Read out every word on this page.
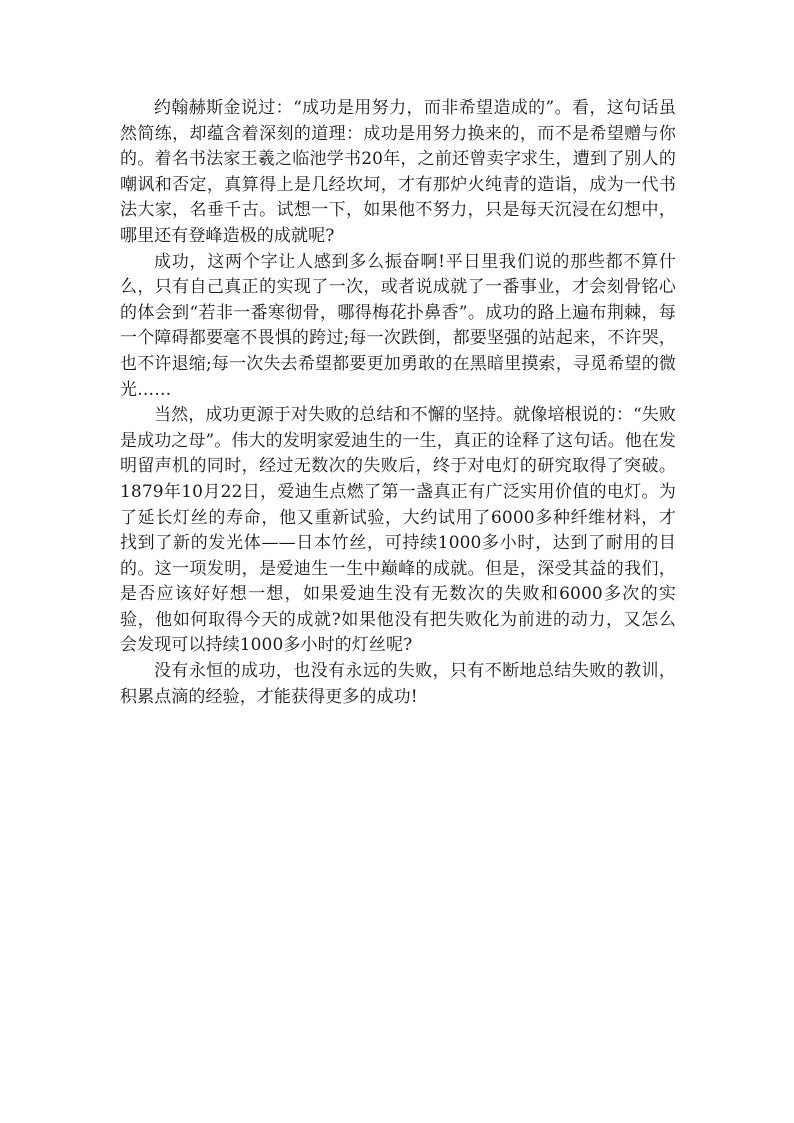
约翰赫斯金说过：“成功是用努力，而非希望造成的”。看，这句话虽然简练，却蕴含着深刻的道理：成功是用努力换来的，而不是希望赠与你的。着名书法家王羲之临池学书20年，之前还曾卖字求生，遭到了别人的嘲讽和否定，真算得上是几经坎坷，才有那炉火纯青的造诣，成为一代书法大家，名垂千古。试想一下，如果他不努力，只是每天沉浸在幻想中，哪里还有登峰造极的成就呢?

成功，这两个字让人感到多么振奋啊!平日里我们说的那些都不算什么，只有自己真正的实现了一次，或者说成就了一番事业，才会刻骨铭心的体会到“若非一番寒彻骨，哪得梅花扑鼻香”。成功的路上遍布荆棘，每一个障碍都要毫不畏惧的跨过;每一次跌倒，都要坚强的站起来，不许哭，也不许退缩;每一次失去希望都要更加勇敢的在黑暗里摸索，寻觅希望的微光……

当然，成功更源于对失败的总结和不懈的坚持。就像培根说的：“失败是成功之母”。伟大的发明家爱迪生的一生，真正的诠释了这句话。他在发明留声机的同时，经过无数次的失败后，终于对电灯的研究取得了突破。1879年10月22日，爱迪生点燃了第一盏真正有广泛实用价值的电灯。为了延长灯丝的寿命，他又重新试验，大约试用了6000多种纤维材料，才找到了新的发光体——日本竹丝，可持续1000多小时，达到了耐用的目的。这一项发明，是爱迪生一生中巅峰的成就。但是，深受其益的我们，是否应该好好想一想，如果爱迪生没有无数次的失败和6000多次的实验，他如何取得今天的成就?如果他没有把失败化为前进的动力，又怎么会发现可以持续1000多小时的灯丝呢?

没有永恒的成功，也没有永远的失败，只有不断地总结失败的教训，积累点滴的经验，才能获得更多的成功!
